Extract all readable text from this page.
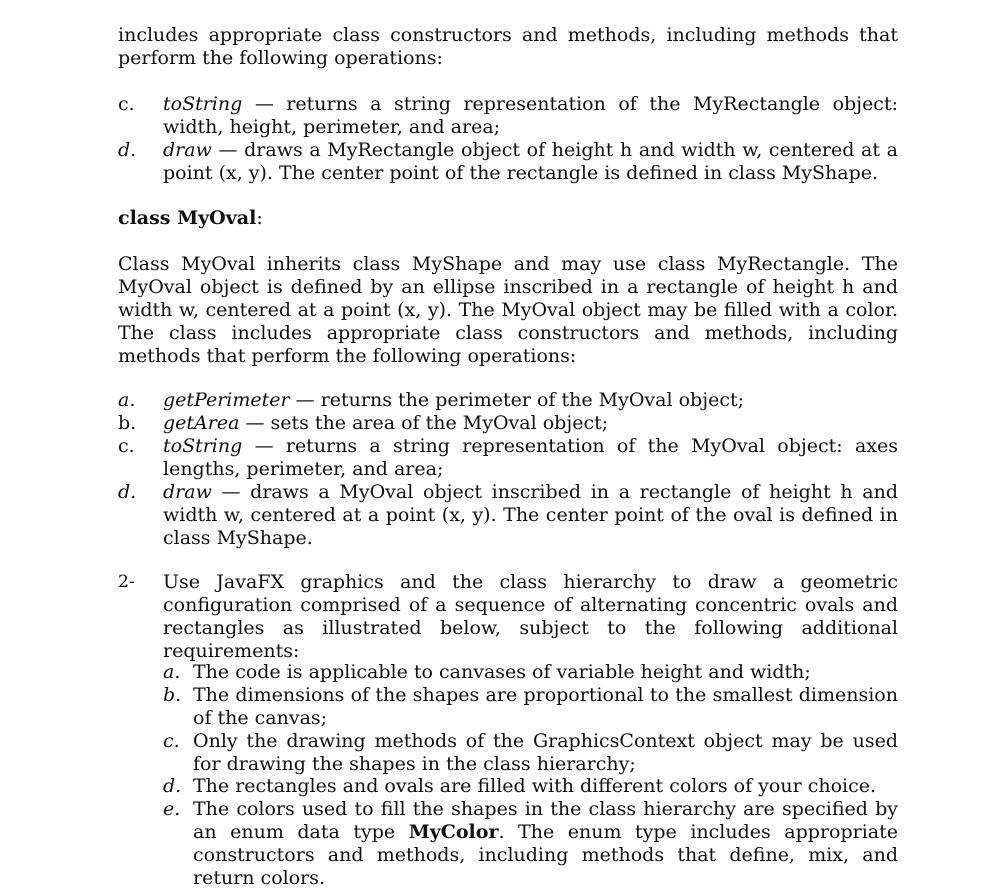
includes appropriate class constructors and methods, including methods that perform the following operations:

c. toString — returns a string representation of the MyRectangle object: width, height, perimeter, and area;
d. draw — draws a MyRectangle object of height h and width w, centered at a point (x, y). The center point of the rectangle is defined in class MyShape.

class MyOval:

Class MyOval inherits class MyShape and may use class MyRectangle. The MyOval object is defined by an ellipse inscribed in a rectangle of height h and width w, centered at a point (x, y). The MyOval object may be filled with a color. The class includes appropriate class constructors and methods, including methods that perform the following operations:

a. getPerimeter — returns the perimeter of the MyOval object;
b. getArea — sets the area of the MyOval object;
c. toString — returns a string representation of the MyOval object: axes lengths, perimeter, and area;
d. draw — draws a MyOval object inscribed in a rectangle of height h and width w, centered at a point (x, y). The center point of the oval is defined in class MyShape.
2- Use JavaFX graphics and the class hierarchy to draw a geometric configuration comprised of a sequence of alternating concentric ovals and rectangles as illustrated below, subject to the following additional requirements:
a. The code is applicable to canvases of variable height and width;
b. The dimensions of the shapes are proportional to the smallest dimension of the canvas;
c. Only the drawing methods of the GraphicsContext object may be used for drawing the shapes in the class hierarchy;
d. The rectangles and ovals are filled with different colors of your choice.
e. The colors used to fill the shapes in the class hierarchy are specified by an enum data type MyColor. The enum type includes appropriate constructors and methods, including methods that define, mix, and return colors.
